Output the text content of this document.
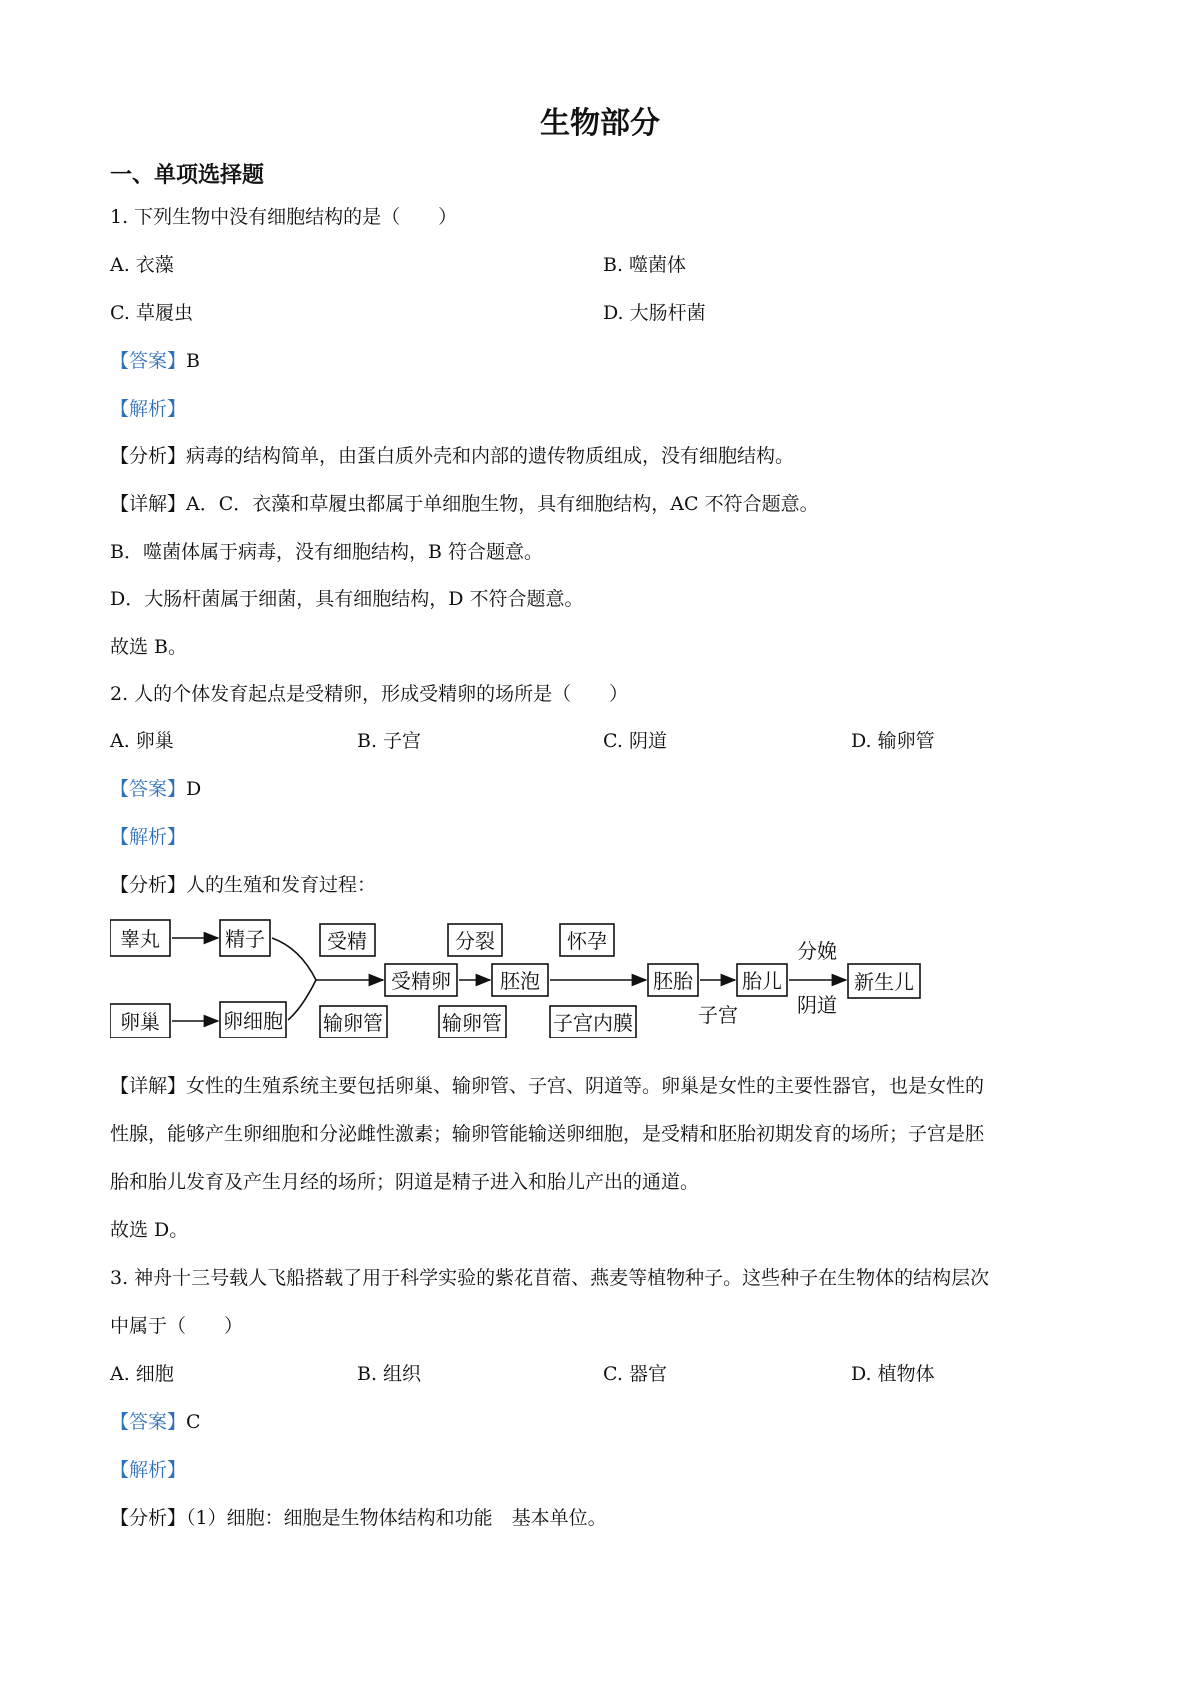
生物部分
一、单项选择题
1. 下列生物中没有细胞结构的是（　　）
A. 衣藻	B. 噬菌体
C. 草履虫	D. 大肠杆菌
【答案】B
【解析】
【分析】病毒的结构简单，由蛋白质外壳和内部的遗传物质组成，没有细胞结构。
【详解】A．C．衣藻和草履虫都属于单细胞生物，具有细胞结构，AC 不符合题意。
B．噬菌体属于病毒，没有细胞结构，B 符合题意。
D．大肠杆菌属于细菌，具有细胞结构，D 不符合题意。
故选 B。
2. 人的个体发育起点是受精卵，形成受精卵的场所是（　　）
A. 卵巢	B. 子宫	C. 阴道	D. 输卵管
【答案】D
【解析】
【分析】人的生殖和发育过程：
睾丸	精子	受精
受精卵
分裂
胚泡
怀孕
胚胎 胎儿
分娩
新生儿
卵巢	卵细胞 输卵管	输卵管	子宫内膜	子宫	阴道
【详解】女性的生殖系统主要包括卵巢、输卵管、子宫、阴道等。卵巢是女性的主要性器官，也是女性的
性腺，能够产生卵细胞和分泌雌性激素；输卵管能输送卵细胞，是受精和胚胎初期发育的场所；子宫是胚
胎和胎儿发育及产生月经的场所；阴道是精子进入和胎儿产出的通道。
故选 D。
3. 神舟十三号载人飞船搭载了用于科学实验的紫花苜蓿、燕麦等植物种子。这些种子在生物体的结构层次
中属于（　　）
A. 细胞	B. 组织	C. 器官	D. 植物体
【答案】C
【解析】
【分析】（1）细胞：细胞是生物体结构和功能　基本单位。
